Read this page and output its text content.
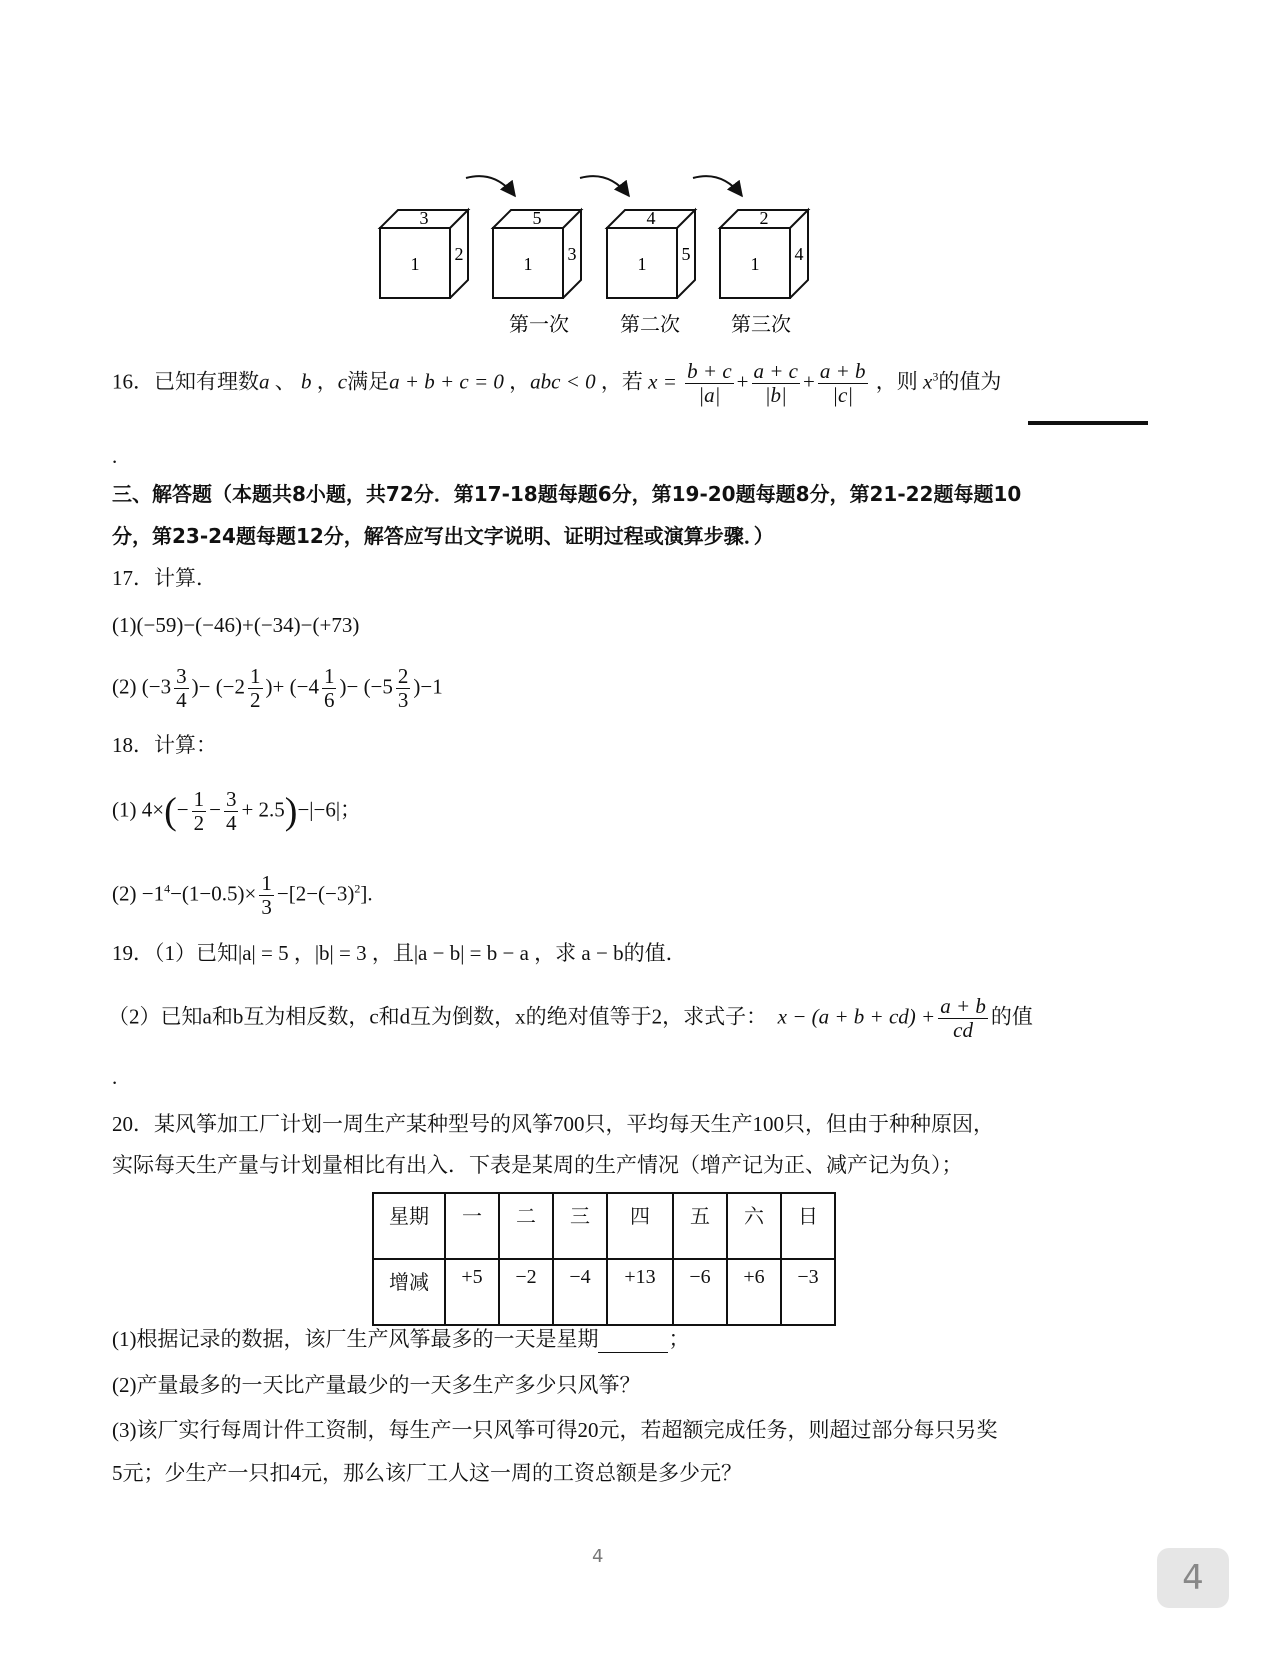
3
1 2
5
1 3
4
1 5
2
1 4
第一次	第二次	第三次
16．已知有理数a 、 b ，c满足a + b + c = 0 ，abc < 0 ，若 $x = \frac{b + c}{|a|} + \frac{a + c}{|b|} + \frac{a + b}{|c|}$ ，则 $x^3$的值为
.
三、解答题（本题共8小题，共72分．第17-18题每题6分，第19-20题每题8分，第21-22题每题10
分，第23-24题每题12分，解答应写出文字说明、证明过程或演算步骤．）
17．计算．
(1)(−59)−(−46)+(−34)−(+73)
(2) ($-3 \frac{3}{4}$ )− ($-2 \frac{1}{2}$ )+ ($-4 \frac{1}{6}$ )− $(-5 \frac{2}{3} )-1$
18．计算：
(1) $4\times(- \frac{1}{2} - \frac{3}{4} + 2.5)-|-6|$；
$(2) -1^4-(1-0.5)\times \frac{1}{3} -[2-(-3)^2]$.
19．（1）已知|a| = 5 ，|b| = 3 ，且|a − b| = b − a ，求 a − b的值．
（2）已知a和b互为相反数，c和d互为倒数，x的绝对值等于2，求式子： $x - (a + b + cd) + \frac{a + b}{cd}$ 的值
.
20．某风筝加工厂计划一周生产某种型号的风筝700只，平均每天生产100只，但由于种种原因，
实际每天生产量与计划量相比有出入．下表是某周的生产情况（增产记为正、减产记为负）；
星期	一	二	三	四	五	六	日
增减	+5	−2	−4	+13	−6	+6	−3
(1)根据记录的数据，该厂生产风筝最多的一天是星期	；
(2)产量最多的一天比产量最少的一天多生产多少只风筝？
(3)该厂实行每周计件工资制，每生产一只风筝可得20元，若超额完成任务，则超过部分每只另奖
5元；少生产一只扣4元，那么该厂工人这一周的工资总额是多少元？
4
4
